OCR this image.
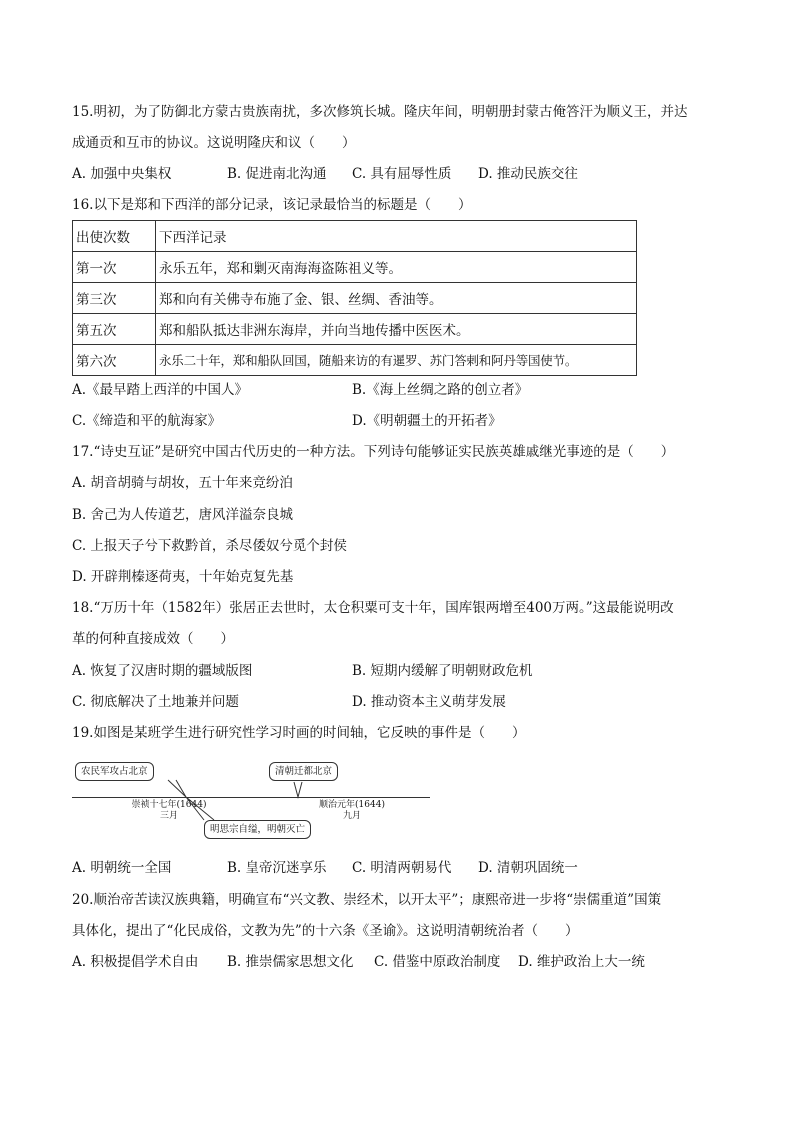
15.明初，为了防御北方蒙古贵族南扰，多次修筑长城。隆庆年间，明朝册封蒙古俺答汗为顺义王，并达
成通贡和互市的协议。这说明隆庆和议（　　）
A. 加强中央集权	B. 促进南北沟通 C. 具有屈辱性质 D. 推动民族交往
16.以下是郑和下西洋的部分记录，该记录最恰当的标题是（　　）
出使次数	下西洋记录
第一次	永乐五年，郑和剿灭南海海盗陈祖义等。
第三次	郑和向有关佛寺布施了金、银、丝绸、香油等。
第五次	郑和船队抵达非洲东海岸，并向当地传播中医医术。
第六次	永乐二十年，郑和船队回国，随船来访的有暹罗、苏门答剌和阿丹等国使节。
A.《最早踏上西洋的中国人》	B.《海上丝绸之路的创立者》
C.《缔造和平的航海家》	D.《明朝疆土的开拓者》
17.“诗史互证”是研究中国古代历史的一种方法。下列诗句能够证实民族英雄戚继光事迹的是（　　）
A. 胡音胡骑与胡妆，五十年来竞纷泊
B. 舍己为人传道艺，唐风洋溢奈良城
C. 上报天子兮下救黔首，杀尽倭奴兮觅个封侯
D. 开辟荆榛逐荷夷，十年始克复先基
18.“万历十年（1582年）张居正去世时，太仓积粟可支十年，国库银两增至400万两。”这最能说明改
革的何种直接成效（　　）
A. 恢复了汉唐时期的疆域版图	B. 短期内缓解了明朝财政危机
C. 彻底解决了土地兼并问题	D. 推动资本主义萌芽发展
19.如图是某班学生进行研究性学习时画的时间轴，它反映的事件是（　　）
农民军攻占北京	清朝迁都北京
明思宗自缢，明朝灭亡
崇祯十七年(1644)
三月
顺治元年(1644)
九月
A. 明朝统一全国	B. 皇帝沉迷享乐 C. 明清两朝易代 D. 清朝巩固统一
20.顺治帝苦读汉族典籍，明确宣布“兴文教、崇经术，以开太平”；康熙帝进一步将“崇儒重道”国策
具体化，提出了“化民成俗，文教为先”的十六条《圣谕》。这说明清朝统治者（　　）
A. 积极提倡学术自由 B. 推崇儒家思想文化 C. 借鉴中原政治制度 D. 维护政治上大一统
